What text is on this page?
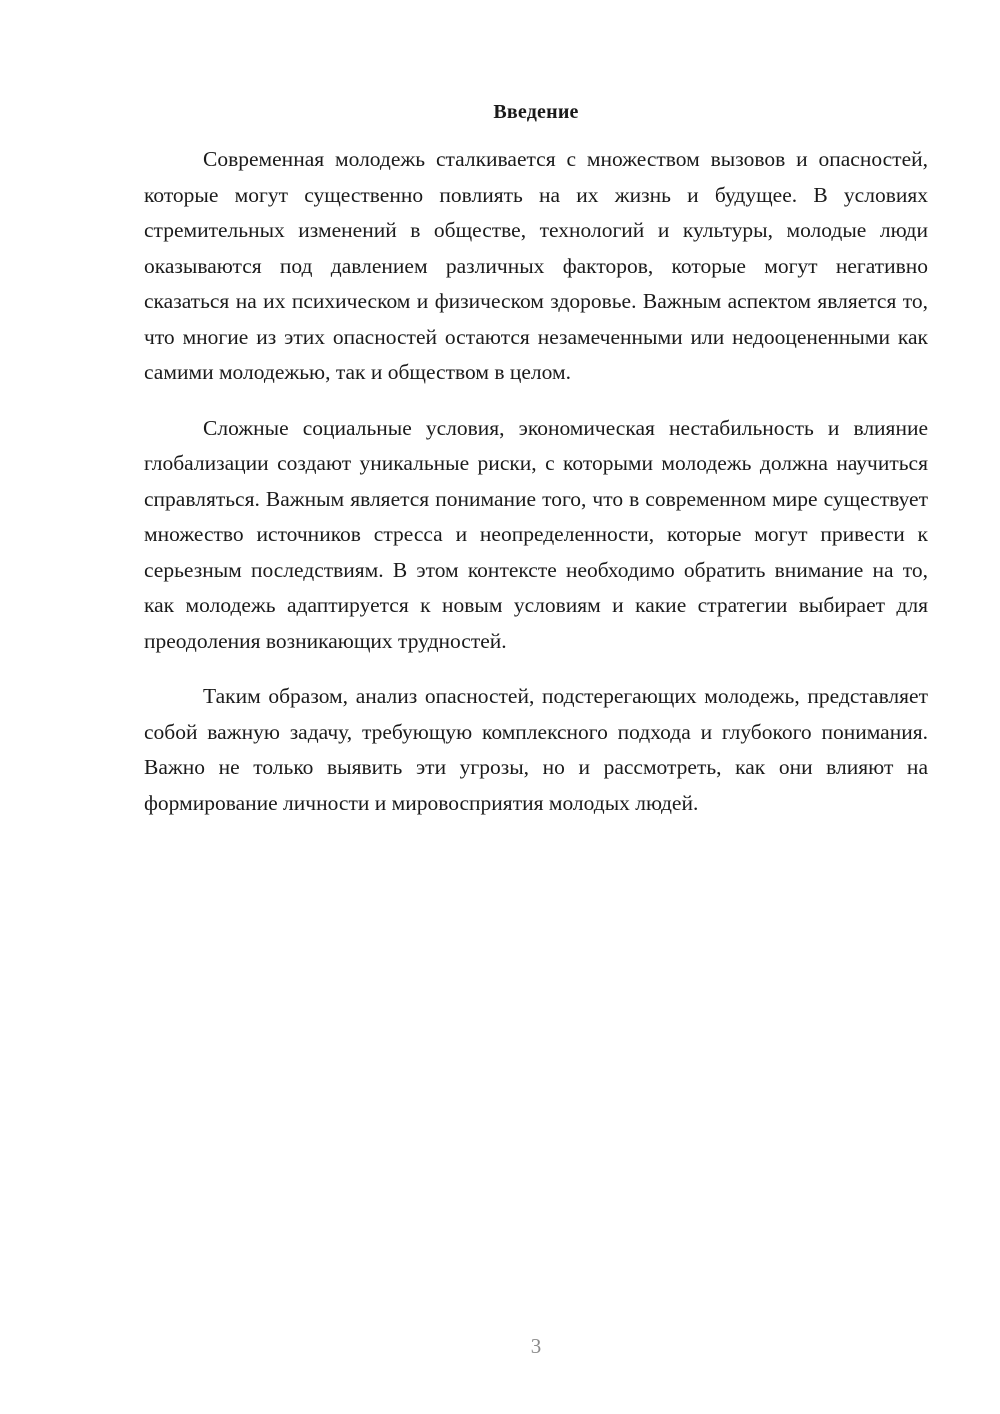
Введение

Современная молодежь сталкивается с множеством вызовов и опасностей, которые могут существенно повлиять на их жизнь и будущее. В условиях стремительных изменений в обществе, технологий и культуры, молодые люди оказываются под давлением различных факторов, которые могут негативно сказаться на их психическом и физическом здоровье. Важным аспектом является то, что многие из этих опасностей остаются незамеченными или недооцененными как самими молодежью, так и обществом в целом.

Сложные социальные условия, экономическая нестабильность и влияние глобализации создают уникальные риски, с которыми молодежь должна научиться справляться. Важным является понимание того, что в современном мире существует множество источников стресса и неопределенности, которые могут привести к серьезным последствиям. В этом контексте необходимо обратить внимание на то, как молодежь адаптируется к новым условиям и какие стратегии выбирает для преодоления возникающих трудностей.

Таким образом, анализ опасностей, подстерегающих молодежь, представляет собой важную задачу, требующую комплексного подхода и глубокого понимания. Важно не только выявить эти угрозы, но и рассмотреть, как они влияют на формирование личности и мировосприятия молодых людей.

3
